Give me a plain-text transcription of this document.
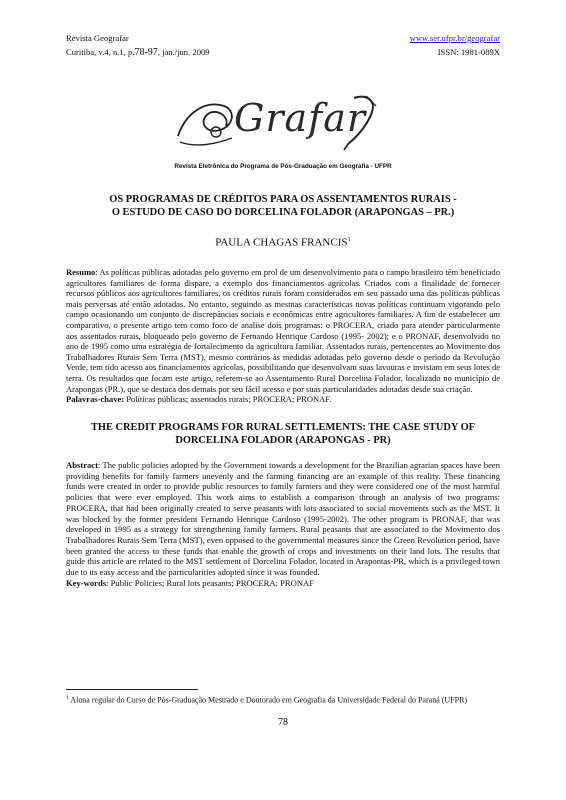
Revista Geografar	www.ser.ufpr.br/geografar
Curitiba, v.4, n.1, p.78-97, jan./jun. 2009	ISSN: 1981-089X
Grafar
Revista Eletrônica do Programa de Pós-Graduação em Geografia - UFPR
OS PROGRAMAS DE CRÉDITOS PARA OS ASSENTAMENTOS RURAIS -
O ESTUDO DE CASO DO DORCELINA FOLADOR (ARAPONGAS – PR.)
PAULA CHAGAS FRANCIS$^1$
Resumo: As políticas públicas adotadas pelo governo em prol de um desenvolvimento para o campo brasileiro têm beneficiado agricultores familiares de forma dispare, a exemplo dos financiamentos agrícolas. Criados com a finalidade de fornecer recursos públicos aos agricultores familiares, os créditos rurais foram considerados em seu passado uma das políticas públicas mais perversas até então adotadas. No entanto, seguindo as mesmas características novas políticas continuam vigorando pelo campo ocasionando um conjunto de discrepâncias sociais e econômicas entre agricultores familiares. A fim de estabelecer um comparativo, o presente artigo tem como foco de analise dois programas: o PROCERA, criado para atender particularmente aos assentados rurais, bloqueado pelo governo de Fernando Henrique Cardoso (1995- 2002); e o PRONAF, desenvolvido no ano de 1995 como uma estratégia de fortalecimento da agricultura familiar. Assentados rurais, pertencentes ao Movimento dos Trabalhadores Rurais Sem Terra (MST), mesmo contrários às medidas adotadas pelo governo desde o período da Revolução Verde, tem tido acesso aos financiamentos agrícolas, possibilitando que desenvolvam suas lavouras e invistam em seus lotes de terra. Os resultados que focam este artigo, referem-se ao Assentamento Rural Dorcelina Folador, localizado no município de Arapongas (PR.), que se destaca dos demais por seu fácil acesso e por suas particularidades adotadas desde sua criação.
Palavras-chave: Políticas públicas; assentados rurais; PROCERA; PRONAF.
THE CREDIT PROGRAMS FOR RURAL SETTLEMENTS: THE CASE STUDY OF
DORCELINA FOLADOR (ARAPONGAS - PR)
Abstract: The public policies adopted by the Government towards a development for the Brazilian agrarian spaces have been providing benefits for family farmers unevenly and the farming financing are an example of this reality. These financing funds were created in order to provide public resources to family farmers and they were considered one of the most harmful policies that were ever employed. This work aims to establish a comparison through an analysis of two programs: PROCERA, that had been originally created to serve peasants with lots associated to social movements such as the MST. It was blocked by the former president Fernando Henrique Cardoso (1995-2002). The other program is PRONAF, that was developed in 1995 as a strategy for strengthening family farmers. Rural peasants that are associated to the Movimento dos Trabalhadores Rurais Sem Terra (MST), even opposed to the governmental measures since the Green Revolution period, have been granted the access to these funds that enable the growth of crops and investments on their land lots. The results that guide this article are related to the MST settlement of Dorcelina Folador, located in Arapontas-PR, which is a privileged town due to its easy access and the particularities adopted since it was founded.
Key-words: Public Policies; Rural lots peasants; PROCERA; PRONAF
$^1$ Aluna regular do Curso de Pós-Graduação Mestrado e Doutorado em Geografia da Universidade Federal do Paraná (UFPR)
78
